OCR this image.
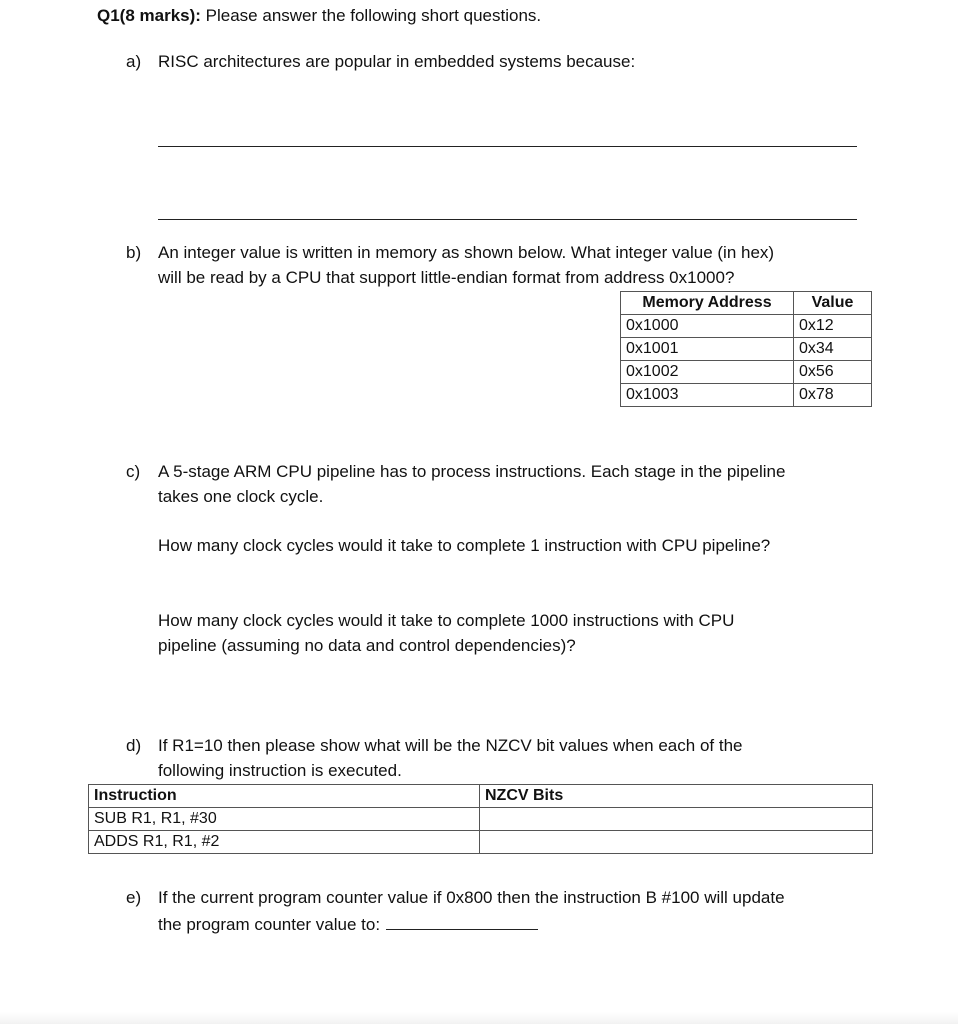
Q1(8 marks): Please answer the following short questions.
a) RISC architectures are popular in embedded systems because:
b) An integer value is written in memory as shown below. What integer value (in hex)
will be read by a CPU that support little-endian format from address 0x1000?
Memory Address	Value
0x1000	0x12
0x1001	0x34
0x1002	0x56
0x1003	0x78
c) A 5-stage ARM CPU pipeline has to process instructions. Each stage in the pipeline
takes one clock cycle.
How many clock cycles would it take to complete 1 instruction with CPU pipeline?
How many clock cycles would it take to complete 1000 instructions with CPU
pipeline (assuming no data and control dependencies)?
d) If R1=10 then please show what will be the NZCV bit values when each of the
following instruction is executed.
Instruction	NZCV Bits
SUB R1, R1, #30	
ADDS R1, R1, #2	
e) If the current program counter value if 0x800 then the instruction B #100 will update
the program counter value to:
